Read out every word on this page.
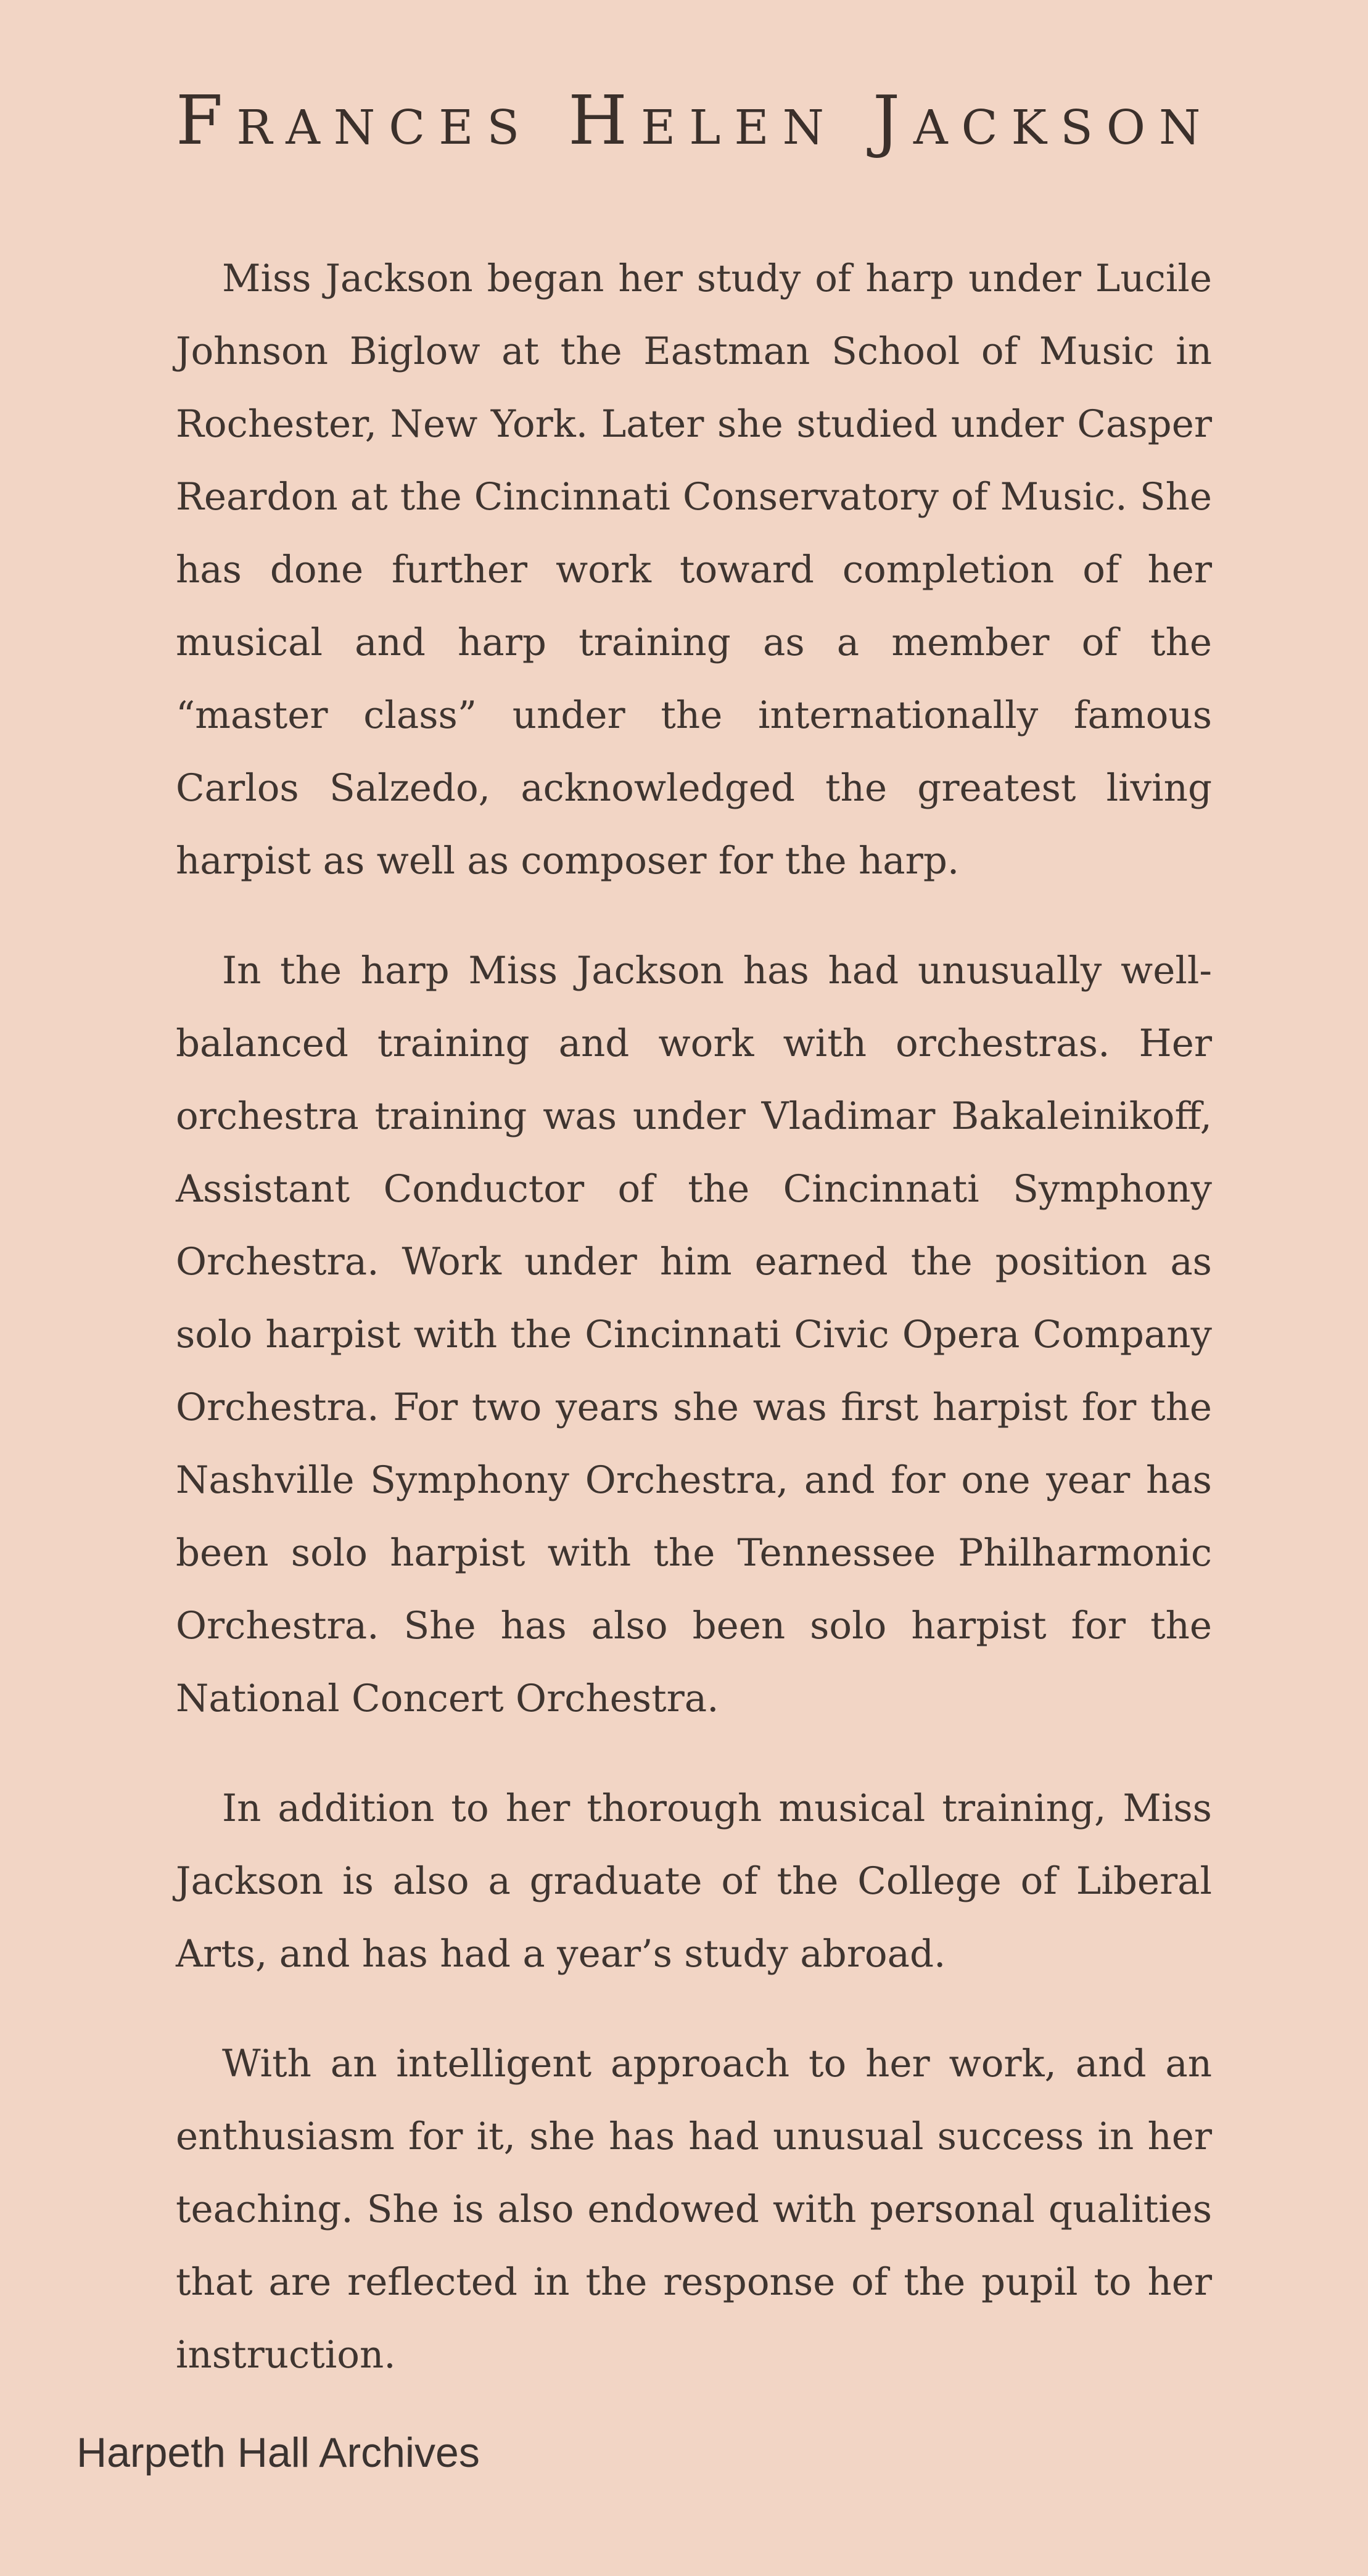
Frances Helen Jackson

Miss Jackson began her study of harp under Lucile Johnson Biglow at the Eastman School of Music in Rochester, New York. Later she studied under Casper Reardon at the Cincinnati Conservatory of Music. She has done further work toward completion of her musical and harp training as a member of the “master class” under the internationally famous Carlos Salzedo, acknowledged the greatest living harpist as well as composer for the harp.

In the harp Miss Jackson has had unusually well-balanced training and work with orchestras. Her orchestra training was under Vladimar Bakaleinikoff, Assistant Conductor of the Cincinnati Symphony Orchestra. Work under him earned the position as solo harpist with the Cincinnati Civic Opera Company Orchestra. For two years she was first harpist for the Nashville Symphony Orchestra, and for one year has been solo harpist with the Tennessee Philharmonic Orchestra. She has also been solo harpist for the National Concert Orchestra.

In addition to her thorough musical training, Miss Jackson is also a graduate of the College of Liberal Arts, and has had a year’s study abroad.

With an intelligent approach to her work, and an enthusiasm for it, she has had unusual success in her teaching. She is also endowed with personal qualities that are reflected in the response of the pupil to her instruction.

Harpeth Hall Archives
